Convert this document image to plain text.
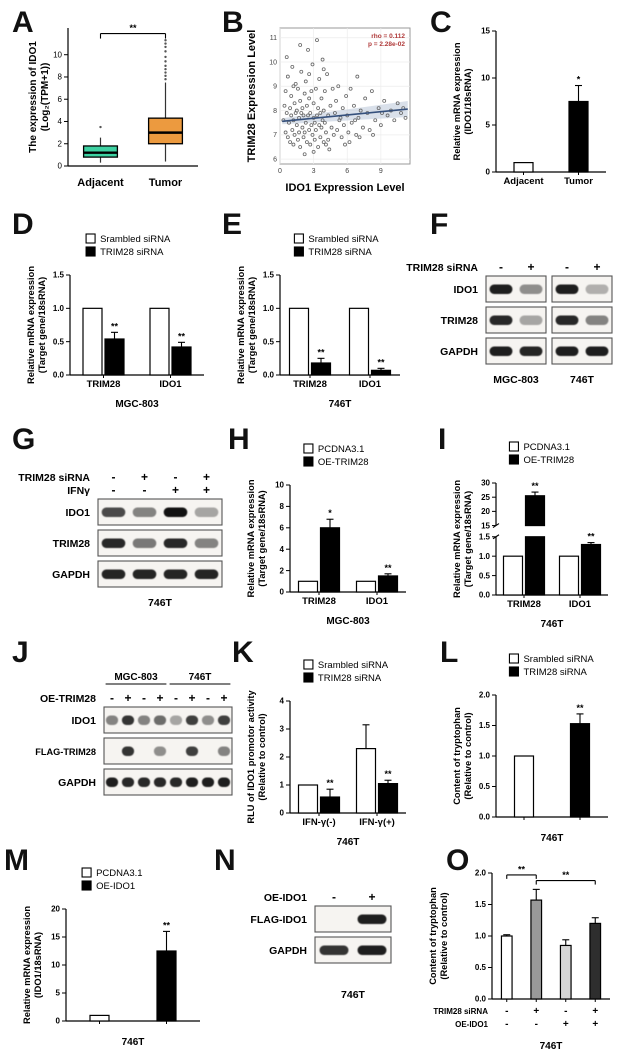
A	B	C
D	E	F
G	H	I
J	K	L
M	N	O
0
2
4
6
8
10
Adjacent Tumor
**
The expression of IDO1 (Log₂(TPM+1))
0	3	6	9
6
7
8
9
10
11	rho = 0.112
p = 2.28e-02
IDO1 Expression Level
TRIM28 Expression Level
0
5
10
15
Adjacent
*
Tumor
Relative mRNA expression (IDO1/18sRNA)
0.0
0.5
1.0
1.5
**
TRIM28
**
IDO1
MGC-803
Srambled siRNA
TRIM28 siRNA
Relative mRNA expression (Target gene/18sRNA)
0.0
0.5
1.0
1.5
**
TRIM28
**
IDO1
746T
Srambled siRNA
TRIM28 siRNA
Relative mRNA expression (Target gene/18sRNA)
TRIM28 siRNA - +	- +
IDO1
TRIM28
GAPDH
MGC-803	746T
TRIM28 siRNA - + - +
IFNγ - - + +
IDO1
TRIM28
GAPDH
746T
0
2
4
6
8
10
*
TRIM28
**
IDO1
MGC-803
PCDNA3.1
OE-TRIM28
Relative mRNA expression (Target gene/18sRNA)
0.0
0.5
1.0
1.5
15
20
25
30	**
TRIM28
**
IDO1
746T
PCDNA3.1
OE-TRIM28
Relative mRNA expression (Target gene/18sRNA)
MGC-803	746T
OE-TRIM28 - + - + - + - +
IDO1
FLAG-TRIM28
GAPDH
0
1
2
3
4
**
IFN-γ(-)
**
IFN-γ(+)
746T
Srambled siRNA
TRIM28 siRNA
RLU of IDO1 promotor activity (Relative to control)
0.0
0.5
1.0
1.5
2.0
**
746T
Srambled siRNA
TRIM28 siRNA
Content of tryptophan (Relative to control)
0
5
10
15
20
**
746T
PCDNA3.1
OE-IDO1
Relative mRNA expression (IDO1/18sRNA)
OE-IDO1 -	+
FLAG-IDO1
GAPDH
746T	0.0
0.5
1.0
1.5
2.0
TRIM28 siRNA - + - +
OE-IDO1 -	- + +
746T
**
**
Content of tryptophan (Relative to control)
